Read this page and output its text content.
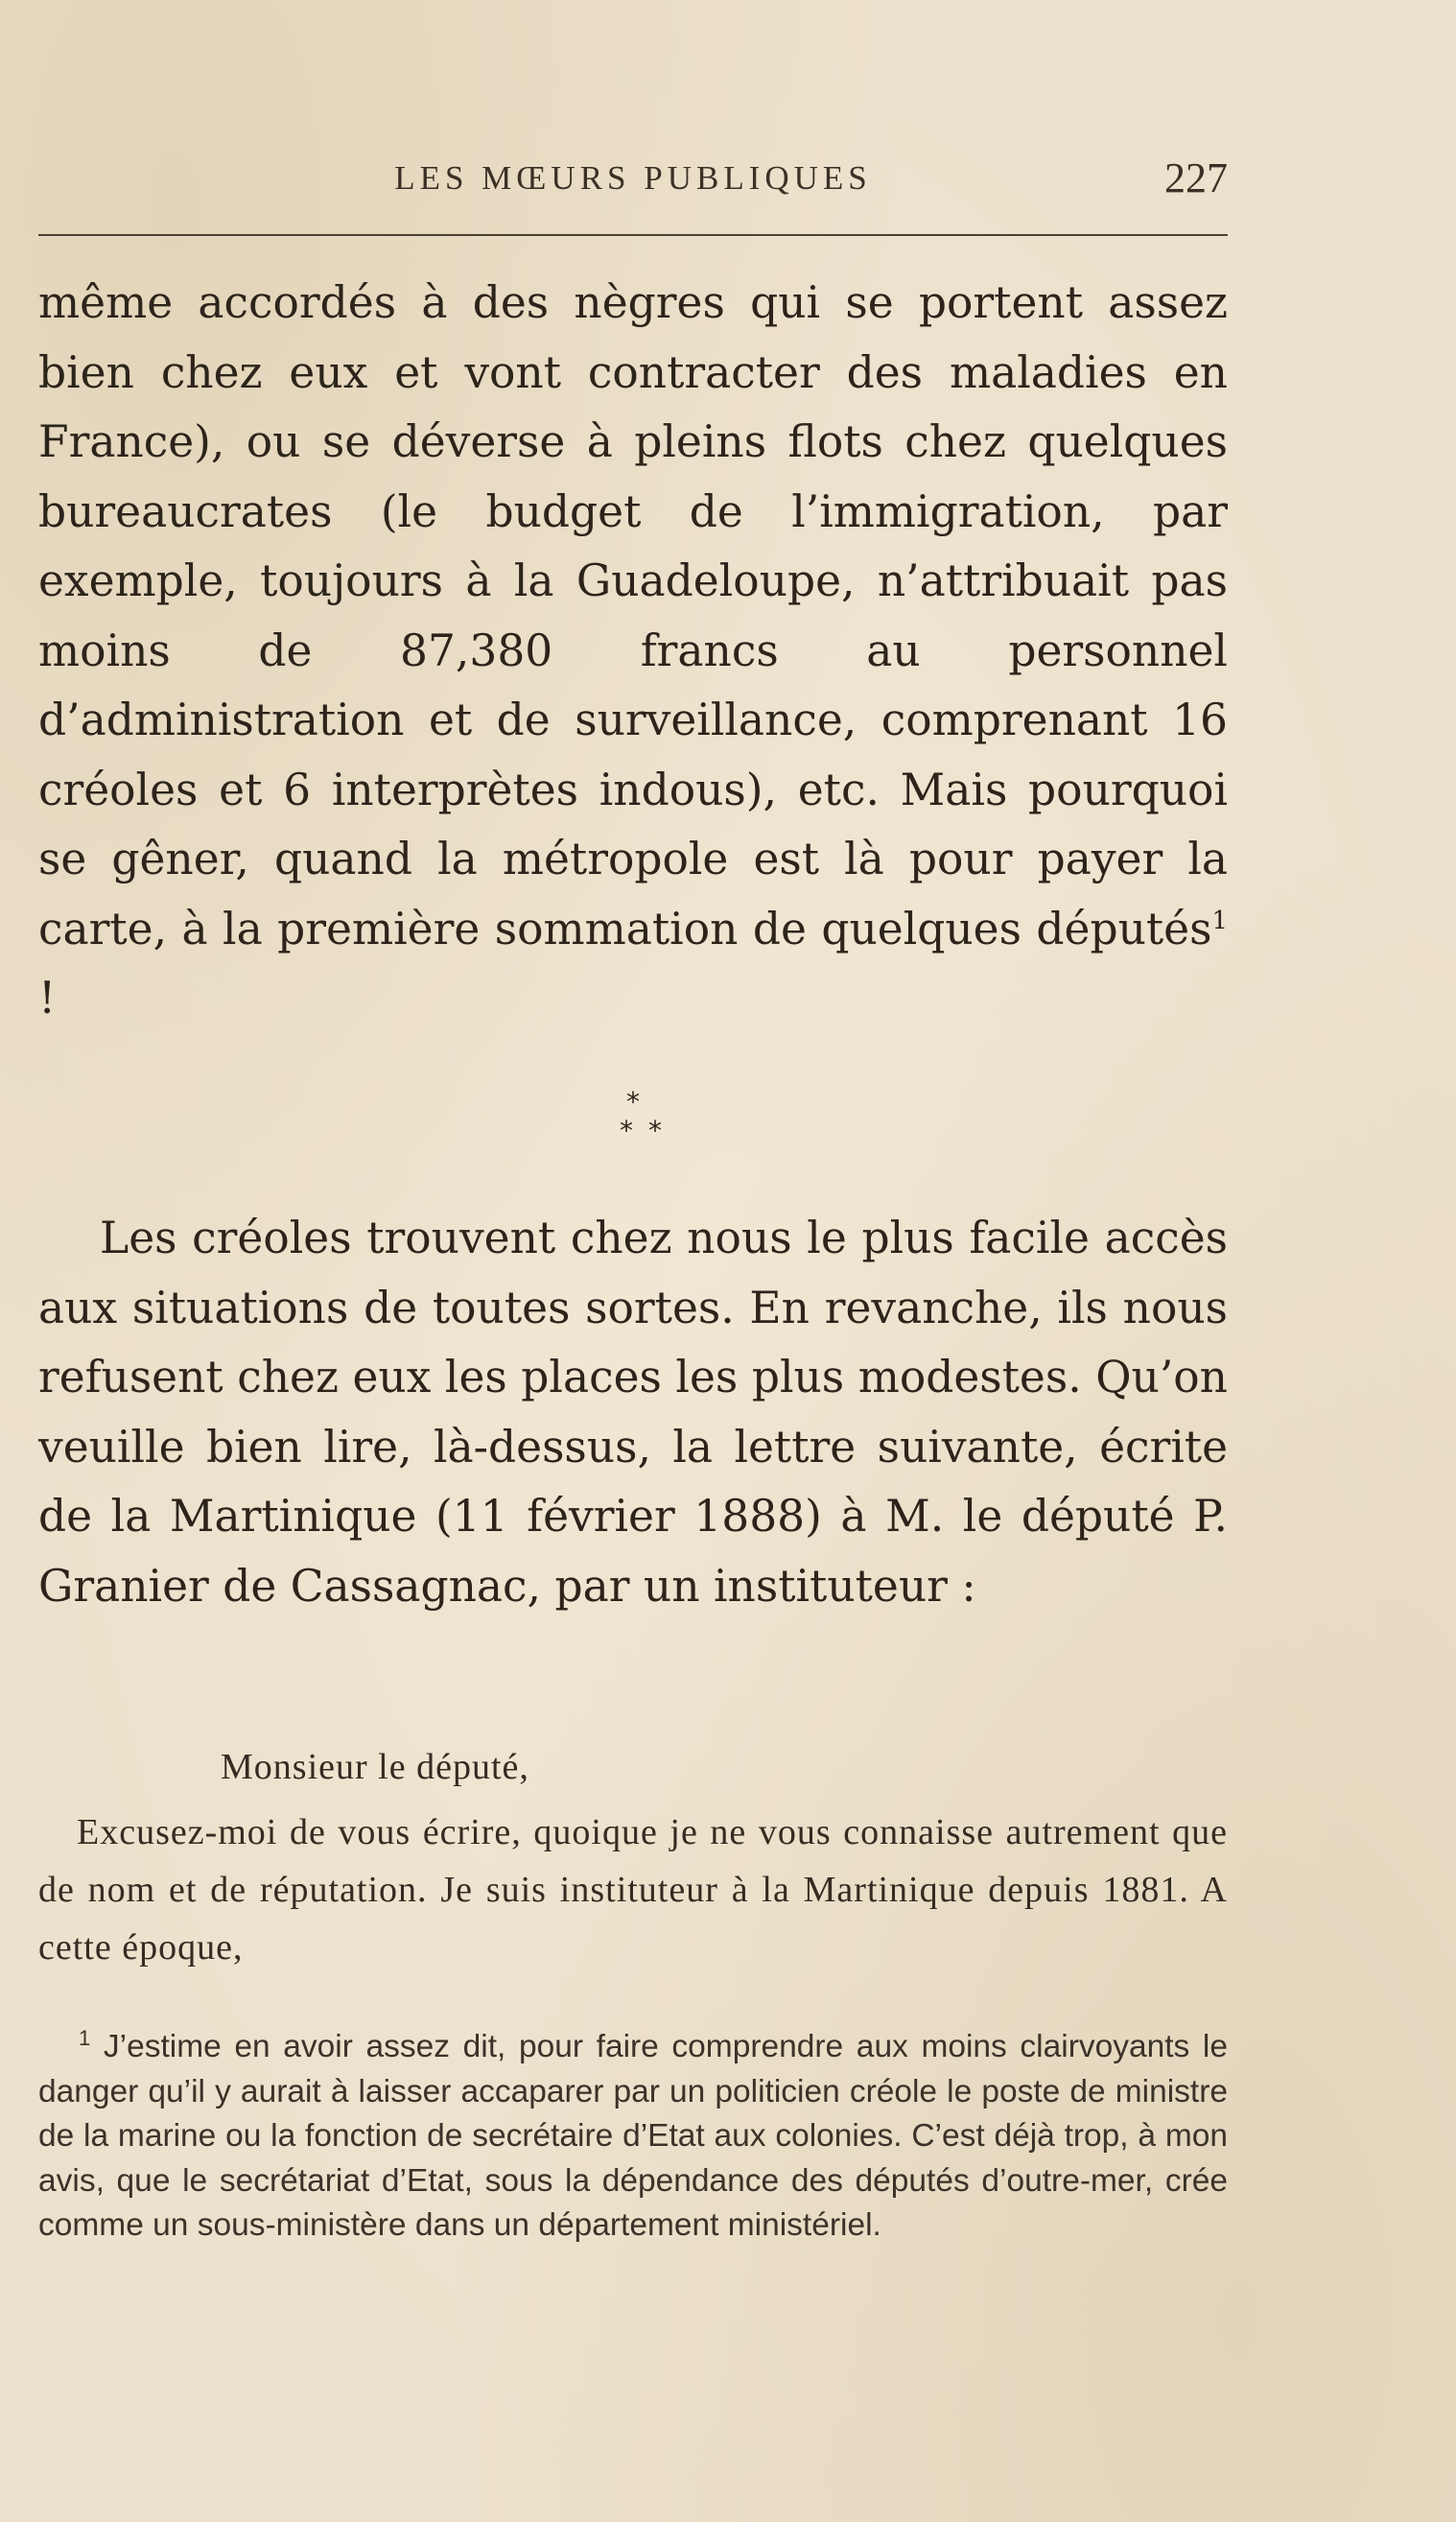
LES MŒURS PUBLIQUES	227

même accordés à des nègres qui se portent assez bien chez eux et vont contracter des maladies en France), ou se déverse à pleins flots chez quelques bureaucrates (le budget de l’immigration, par exemple, toujours à la Guadeloupe, n’attribuait pas moins de 87,380 francs au personnel d’administration et de surveillance, comprenant 16 créoles et 6 interprètes indous), etc. Mais pourquoi se gêner, quand la métropole est là pour payer la carte, à la première sommation de quelques députés$^1$ !

*
**

Les créoles trouvent chez nous le plus facile accès aux situations de toutes sortes. En revanche, ils nous refusent chez eux les places les plus modestes. Qu’on veuille bien lire, là-dessus, la lettre suivante, écrite de la Martinique (11 février 1888) à M. le député P. Granier de Cassagnac, par un instituteur :

Monsieur le député,

Excusez-moi de vous écrire, quoique je ne vous connaisse autrement que de nom et de réputation. Je suis instituteur à la Martinique depuis 1881. A cette époque,

$^1$ J’estime en avoir assez dit, pour faire comprendre aux moins clairvoyants le danger qu’il y aurait à laisser accaparer par un politicien créole le poste de ministre de la marine ou la fonction de secrétaire d’Etat aux colonies. C’est déjà trop, à mon avis, que le secrétariat d’Etat, sous la dépendance des députés d’outre-mer, crée comme un sous-ministère dans un département ministériel.
